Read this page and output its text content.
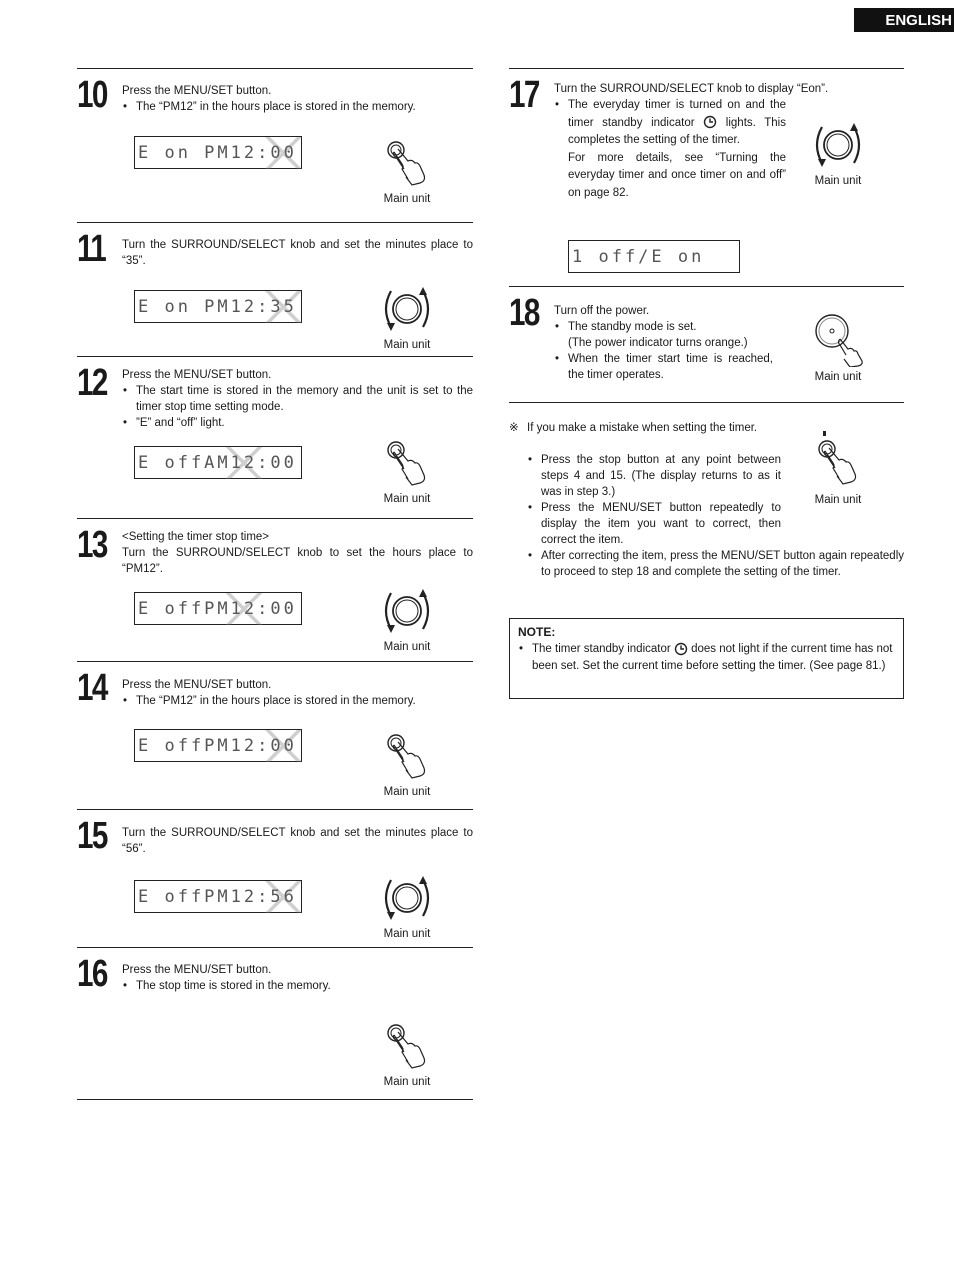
ENGLISH
10 Press the MENU/SET button.

• The “PM12” in the hours place is stored in the memory.
E on PM12:00
Main unit
11 Turn the SURROUND/SELECT knob and set the minutes place to “35”.

E on PM12:35
Main unit
12 Press the MENU/SET button.

• The start time is stored in the memory and the unit is set to the timer stop time setting mode.
• ”E” and “off” light.
E offAM12:00
Main unit
13 <Setting the timer stop time>

Turn the SURROUND/SELECT knob to set the hours place to “PM12”.

E offPM12:00
Main unit
14 Press the MENU/SET button.

• The “PM12” in the hours place is stored in the memory.
E offPM12:00
Main unit
15 Turn the SURROUND/SELECT knob and set the minutes place to “56”.

E offPM12:56
Main unit
16 Press the MENU/SET button.

• The stop time is stored in the memory.
Main unit
17 Turn the SURROUND/SELECT knob to display “Eon”.

• The everyday timer is turned on and the timer standby indicator	lights. This completes the setting of the timer.
For more details, see “Turning the everyday timer and once timer on and off” on page 82.
1 off/E on
Main unit
18 Turn off the power.

• The standby mode is set.
(The power indicator turns orange.)
• When the timer start time is reached, the timer operates.	Main unit
※ If you make a mistake when setting the timer.
• Press the stop button at any point between steps 4 and 15. (The display returns to as it was in step 3.)
• Press the MENU/SET button repeatedly to display the item you want to correct, then correct the item.
• After correcting the item, press the MENU/SET button again repeatedly to proceed to step 18 and complete the setting of the timer.
Main unit
NOTE:
• The timer standby indicator does not light if the current time has not been set. Set the current time before setting the timer. (See page 81.)
